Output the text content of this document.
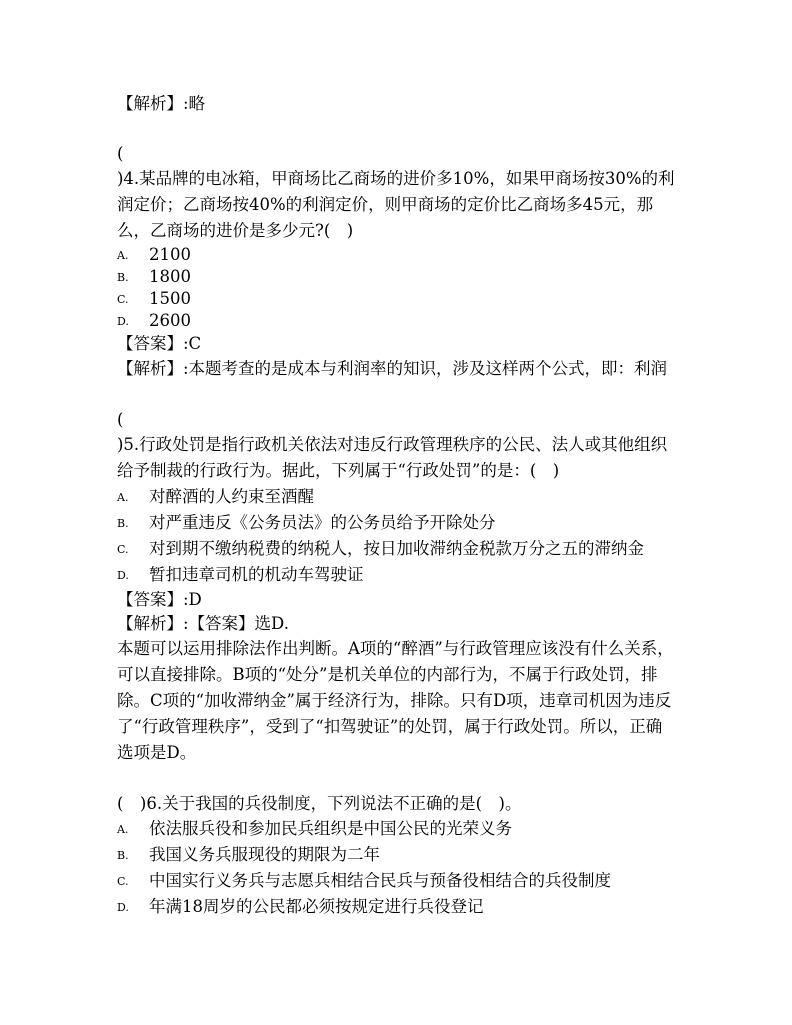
【解析】:略
(
)4.某品牌的电冰箱，甲商场比乙商场的进价多10%，如果甲商场按30%的利润定价；乙商场按40%的利润定价，则甲商场的定价比乙商场多45元，那么，乙商场的进价是多少元?(　)
A. 2100
B. 1800
C. 1500
D. 2600
【答案】:C
【解析】:本题考查的是成本与利润率的知识，涉及这样两个公式，即：利润
(
)5.行政处罚是指行政机关依法对违反行政管理秩序的公民、法人或其他组织给予制裁的行政行为。据此，下列属于“行政处罚”的是：(　)
A. 对醉酒的人约束至酒醒
B. 对严重违反《公务员法》的公务员给予开除处分
C. 对到期不缴纳税费的纳税人，按日加收滞纳金税款万分之五的滞纳金
D. 暂扣违章司机的机动车驾驶证
【答案】:D
【解析】:【答案】选D.
本题可以运用排除法作出判断。A项的“醉酒”与行政管理应该没有什么关系，可以直接排除。B项的“处分”是机关单位的内部行为，不属于行政处罚，排除。C项的“加收滞纳金”属于经济行为，排除。只有D项，违章司机因为违反了“行政管理秩序”，受到了“扣驾驶证”的处罚，属于行政处罚。所以，正确选项是D。
(　)6.关于我国的兵役制度，下列说法不正确的是(　)。
A. 依法服兵役和参加民兵组织是中国公民的光荣义务
B. 我国义务兵服现役的期限为二年
C. 中国实行义务兵与志愿兵相结合民兵与预备役相结合的兵役制度
D. 年满18周岁的公民都必须按规定进行兵役登记
